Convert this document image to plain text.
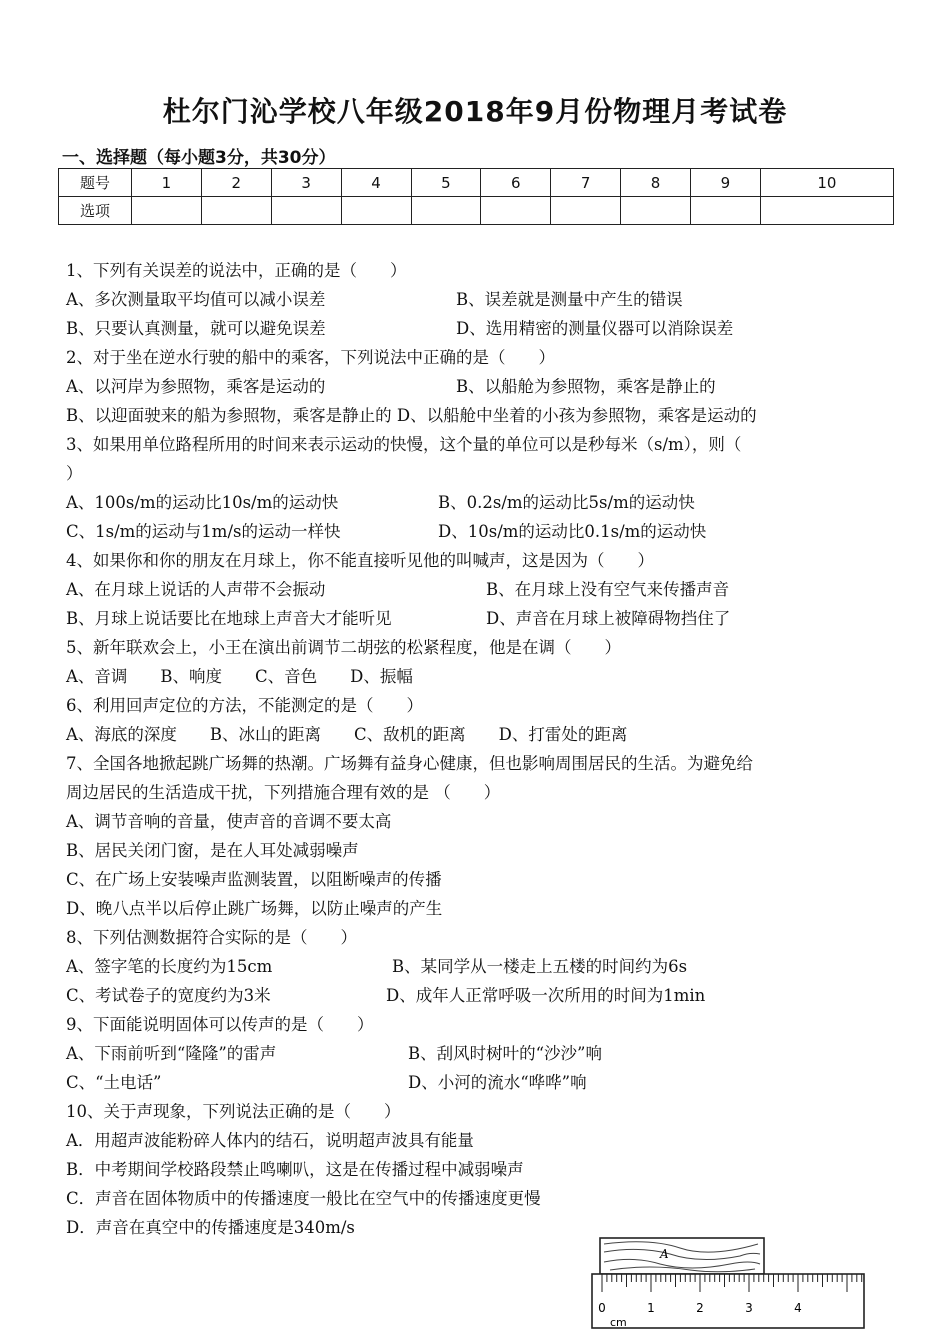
杜尔门沁学校八年级2018年9月份物理月考试卷
一、选择题（每小题3分，共30分）
题号	1	2	3	4	5	6	7	8	9	10
选项										
1、下列有关误差的说法中，正确的是（　　）
A、多次测量取平均值可以减小误差	B、误差就是测量中产生的错误
B、只要认真测量，就可以避免误差	D、选用精密的测量仪器可以消除误差
2、对于坐在逆水行驶的船中的乘客，下列说法中正确的是（　　）
A、以河岸为参照物，乘客是运动的	B、以船舱为参照物，乘客是静止的
B、以迎面驶来的船为参照物，乘客是静止的 D、以船舱中坐着的小孩为参照物，乘客是运动的
3、如果用单位路程所用的时间来表示运动的快慢，这个量的单位可以是秒每米（s/m），则（
）
A、100s/m的运动比10s/m的运动快	B、0.2s/m的运动比5s/m的运动快
C、1s/m的运动与1m/s的运动一样快	D、10s/m的运动比0.1s/m的运动快
4、如果你和你的朋友在月球上，你不能直接听见他的叫喊声，这是因为（　　）
A、在月球上说话的人声带不会振动	B、在月球上没有空气来传播声音
B、月球上说话要比在地球上声音大才能听见	D、声音在月球上被障碍物挡住了
5、新年联欢会上，小王在演出前调节二胡弦的松紧程度，他是在调（　　）
A、音调　　B、响度　　C、音色　　D、振幅
6、利用回声定位的方法，不能测定的是（　　）
A、海底的深度　　B、冰山的距离　　C、敌机的距离　　D、打雷处的距离
7、全国各地掀起跳广场舞的热潮。广场舞有益身心健康，但也影响周围居民的生活。为避免给
周边居民的生活造成干扰，下列措施合理有效的是 （　　）
A、调节音响的音量，使声音的音调不要太高
B、居民关闭门窗，是在人耳处减弱噪声
C、在广场上安装噪声监测装置，以阻断噪声的传播
D、晚八点半以后停止跳广场舞，以防止噪声的产生
8、下列估测数据符合实际的是（　　）
A、签字笔的长度约为15cm	B、某同学从一楼走上五楼的时间约为6s
C、考试卷子的宽度约为3米	D、成年人正常呼吸一次所用的时间为1min
9、下面能说明固体可以传声的是（　　）
A、下雨前听到“隆隆”的雷声	B、刮风时树叶的“沙沙”响
C、“土电话”	D、小河的流水“哗哗”响
10、关于声现象，下列说法正确的是（　　）
A．用超声波能粉碎人体内的结石，说明超声波具有能量
B．中考期间学校路段禁止鸣喇叭，这是在传播过程中减弱噪声
C．声音在固体物质中的传播速度一般比在空气中的传播速度更慢
D．声音在真空中的传播速度是340m/s
A
0	1	2	3	4
cm
